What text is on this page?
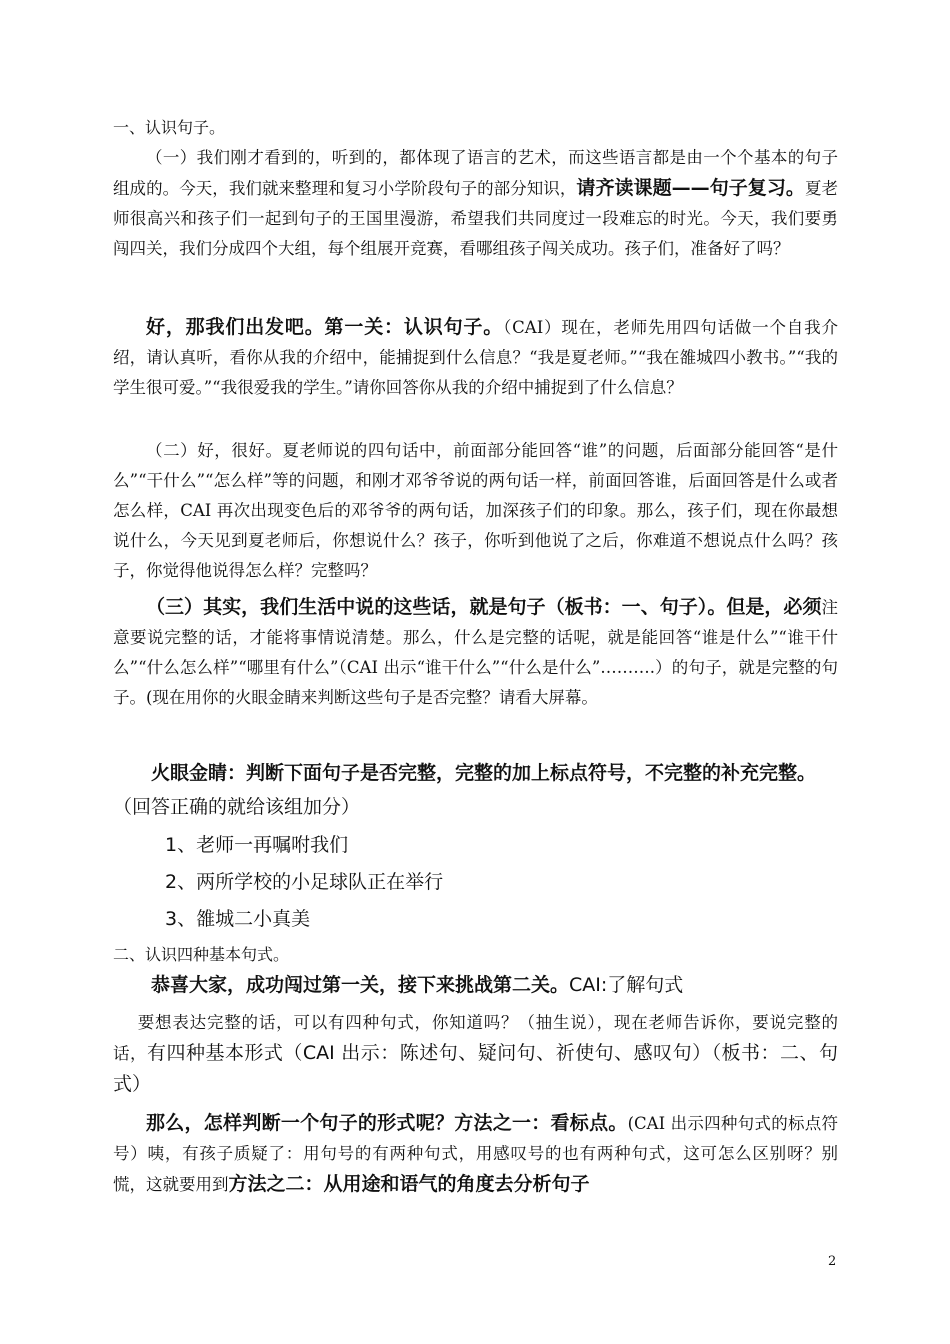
一、认识句子。
（一）我们刚才看到的，听到的，都体现了语言的艺术，而这些语言都是由一个个基本的句子组成的。今天，我们就来整理和复习小学阶段句子的部分知识，请齐读课题——句子复习。夏老师很高兴和孩子们一起到句子的王国里漫游，希望我们共同度过一段难忘的时光。今天，我们要勇闯四关，我们分成四个大组，每个组展开竞赛，看哪组孩子闯关成功。孩子们，准备好了吗？
好，那我们出发吧。第一关：认识句子。（CAI）现在，老师先用四句话做一个自我介绍，请认真听，看你从我的介绍中，能捕捉到什么信息？“我是夏老师。”“我在雒城四小教书。”“我的学生很可爱。”“我很爱我的学生。”请你回答你从我的介绍中捕捉到了什么信息？
（二）好，很好。夏老师说的四句话中，前面部分能回答“谁”的问题，后面部分能回答“是什么”“干什么”“怎么样”等的问题，和刚才邓爷爷说的两句话一样，前面回答谁，后面回答是什么或者怎么样，CAI 再次出现变色后的邓爷爷的两句话，加深孩子们的印象。那么，孩子们，现在你最想说什么，今天见到夏老师后，你想说什么？孩子，你听到他说了之后，你难道不想说点什么吗？孩子，你觉得他说得怎么样？完整吗？
（三）其实，我们生活中说的这些话，就是句子（板书：一、句子）。但是，必须注意要说完整的话，才能将事情说清楚。那么，什么是完整的话呢，就是能回答“谁是什么”“谁干什么”“什么怎么样”“哪里有什么”（CAI 出示“谁干什么”“什么是什么”……….）的句子，就是完整的句子。(现在用你的火眼金睛来判断这些句子是否完整？请看大屏幕。
火眼金睛：判断下面句子是否完整，完整的加上标点符号，不完整的补充完整。（回答正确的就给该组加分）
1、老师一再嘱咐我们
2、两所学校的小足球队正在举行
3、雒城二小真美
二、认识四种基本句式。
恭喜大家，成功闯过第一关，接下来挑战第二关。CAI:了解句式
要想表达完整的话，可以有四种句式，你知道吗？（抽生说），现在老师告诉你，要说完整的话，有四种基本形式（CAI 出示：陈述句、疑问句、祈使句、感叹句）（板书：二、句式）
那么，怎样判断一个句子的形式呢？方法之一：看标点。(CAI 出示四种句式的标点符号）咦，有孩子质疑了：用句号的有两种句式，用感叹号的也有两种句式，这可怎么区别呀？别慌，这就要用到方法之二：从用途和语气的角度去分析句子
2
